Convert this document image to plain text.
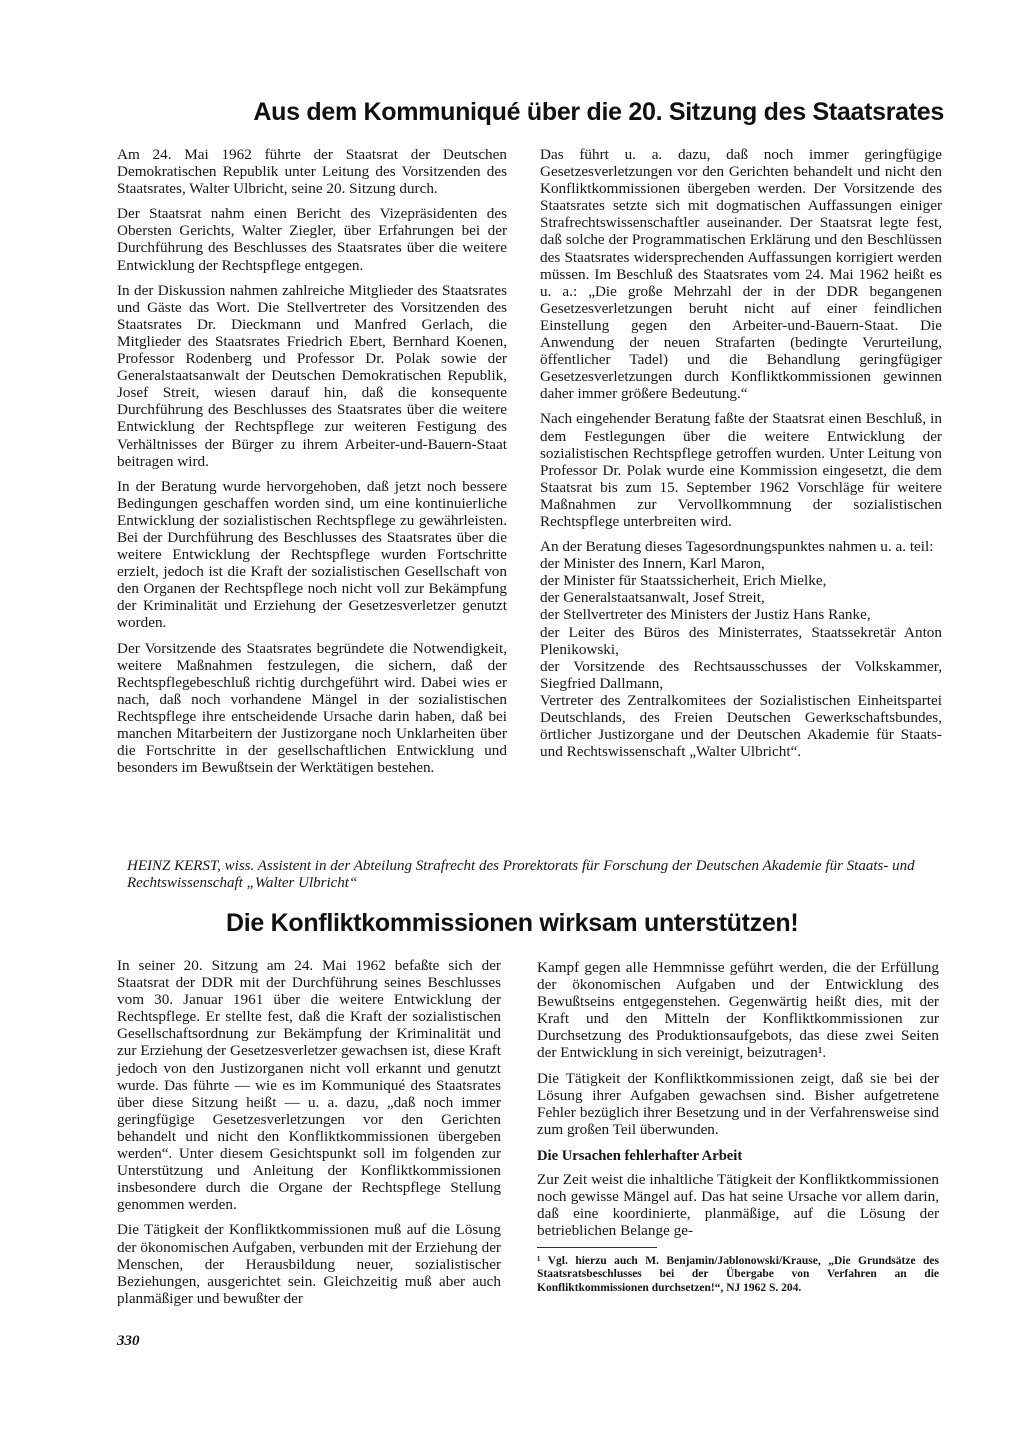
Aus dem Kommuniqué über die 20. Sitzung des Staatsrates

Am 24. Mai 1962 führte der Staatsrat der Deutschen Demokratischen Republik unter Leitung des Vorsitzenden des Staatsrates, Walter Ulbricht, seine 20. Sitzung durch.

Der Staatsrat nahm einen Bericht des Vizepräsidenten des Obersten Gerichts, Walter Ziegler, über Erfahrungen bei der Durchführung des Beschlusses des Staatsrates über die weitere Entwicklung der Rechtspflege entgegen.

In der Diskussion nahmen zahlreiche Mitglieder des Staatsrates und Gäste das Wort. Die Stellvertreter des Vorsitzenden des Staatsrates Dr. Dieckmann und Manfred Gerlach, die Mitglieder des Staatsrates Friedrich Ebert, Bernhard Koenen, Professor Rodenberg und Professor Dr. Polak sowie der Generalstaatsanwalt der Deutschen Demokratischen Republik, Josef Streit, wiesen darauf hin, daß die konsequente Durchführung des Beschlusses des Staatsrates über die weitere Entwicklung der Rechtspflege zur weiteren Festigung des Verhältnisses der Bürger zu ihrem Arbeiter-und-Bauern-Staat beitragen wird.

In der Beratung wurde hervorgehoben, daß jetzt noch bessere Bedingungen geschaffen worden sind, um eine kontinuierliche Entwicklung der sozialistischen Rechtspflege zu gewährleisten. Bei der Durchführung des Beschlusses des Staatsrates über die weitere Entwicklung der Rechtspflege wurden Fortschritte erzielt, jedoch ist die Kraft der sozialistischen Gesellschaft von den Organen der Rechtspflege noch nicht voll zur Bekämpfung der Kriminalität und Erziehung der Gesetzesverletzer genutzt worden.

Der Vorsitzende des Staatsrates begründete die Notwendigkeit, weitere Maßnahmen festzulegen, die sichern, daß der Rechtspflegebeschluß richtig durchgeführt wird. Dabei wies er nach, daß noch vorhandene Mängel in der sozialistischen Rechtspflege ihre entscheidende Ursache darin haben, daß bei manchen Mitarbeitern der Justizorgane noch Unklarheiten über die Fortschritte in der gesellschaftlichen Entwicklung und besonders im Bewußtsein der Werktätigen bestehen.

Das führt u. a. dazu, daß noch immer geringfügige Gesetzesverletzungen vor den Gerichten behandelt und nicht den Konfliktkommissionen übergeben werden. Der Vorsitzende des Staatsrates setzte sich mit dogmatischen Auffassungen einiger Strafrechtswissenschaftler auseinander. Der Staatsrat legte fest, daß solche der Programmatischen Erklärung und den Beschlüssen des Staatsrates widersprechenden Auffassungen korrigiert werden müssen. Im Beschluß des Staatsrates vom 24. Mai 1962 heißt es u. a.: „Die große Mehrzahl der in der DDR begangenen Gesetzesverletzungen beruht nicht auf einer feindlichen Einstellung gegen den Arbeiter-und-Bauern-Staat. Die Anwendung der neuen Strafarten (bedingte Verurteilung, öffentlicher Tadel) und die Behandlung geringfügiger Gesetzesverletzungen durch Konfliktkommissionen gewinnen daher immer größere Bedeutung.“

Nach eingehender Beratung faßte der Staatsrat einen Beschluß, in dem Festlegungen über die weitere Entwicklung der sozialistischen Rechtspflege getroffen wurden. Unter Leitung von Professor Dr. Polak wurde eine Kommission eingesetzt, die dem Staatsrat bis zum 15. September 1962 Vorschläge für weitere Maßnahmen zur Vervollkommnung der sozialistischen Rechtspflege unterbreiten wird.

An der Beratung dieses Tagesordnungspunktes nahmen u. a. teil:

der Minister des Innern, Karl Maron,

der Minister für Staatssicherheit, Erich Mielke,

der Generalstaatsanwalt, Josef Streit,

der Stellvertreter des Ministers der Justiz Hans Ranke,

der Leiter des Büros des Ministerrates, Staatssekretär Anton Plenikowski,

der Vorsitzende des Rechtsausschusses der Volkskammer, Siegfried Dallmann,

Vertreter des Zentralkomitees der Sozialistischen Einheitspartei Deutschlands, des Freien Deutschen Gewerkschaftsbundes, örtlicher Justizorgane und der Deutschen Akademie für Staats- und Rechtswissenschaft „Walter Ulbricht“.

HEINZ KERST, wiss. Assistent in der Abteilung Strafrecht des Prorektorats für Forschung der Deutschen Akademie für Staats- und Rechtswissenschaft „Walter Ulbricht“
Die Konfliktkommissionen wirksam unterstützen!

In seiner 20. Sitzung am 24. Mai 1962 befaßte sich der Staatsrat der DDR mit der Durchführung seines Beschlusses vom 30. Januar 1961 über die weitere Entwicklung der Rechtspflege. Er stellte fest, daß die Kraft der sozialistischen Gesellschaftsordnung zur Bekämpfung der Kriminalität und zur Erziehung der Gesetzesverletzer gewachsen ist, diese Kraft jedoch von den Justizorganen nicht voll erkannt und genutzt wurde. Das führte — wie es im Kommuniqué des Staatsrates über diese Sitzung heißt — u. a. dazu, „daß noch immer geringfügige Gesetzesverletzungen vor den Gerichten behandelt und nicht den Konfliktkommissionen übergeben werden“. Unter diesem Gesichtspunkt soll im folgenden zur Unterstützung und Anleitung der Konfliktkommissionen insbesondere durch die Organe der Rechtspflege Stellung genommen werden.

Die Tätigkeit der Konfliktkommissionen muß auf die Lösung der ökonomischen Aufgaben, verbunden mit der Erziehung der Menschen, der Herausbildung neuer, sozialistischer Beziehungen, ausgerichtet sein. Gleichzeitig muß aber auch planmäßiger und bewußter der

Kampf gegen alle Hemmnisse geführt werden, die der Erfüllung der ökonomischen Aufgaben und der Entwicklung des Bewußtseins entgegenstehen. Gegenwärtig heißt dies, mit der Kraft und den Mitteln der Konfliktkommissionen zur Durchsetzung des Produktionsaufgebots, das diese zwei Seiten der Entwicklung in sich vereinigt, beizutragen¹.

Die Tätigkeit der Konfliktkommissionen zeigt, daß sie bei der Lösung ihrer Aufgaben gewachsen sind. Bisher aufgetretene Fehler bezüglich ihrer Besetzung und in der Verfahrensweise sind zum großen Teil überwunden.

Die Ursachen fehlerhafter Arbeit

Zur Zeit weist die inhaltliche Tätigkeit der Konfliktkommissionen noch gewisse Mängel auf. Das hat seine Ursache vor allem darin, daß eine koordinierte, planmäßige, auf die Lösung der betrieblichen Belange ge-

¹ Vgl. hierzu auch M. Benjamin/Jablonowski/Krause, „Die Grundsätze des Staatsratsbeschlusses bei der Übergabe von Verfahren an die Konfliktkommissionen durchsetzen!“, NJ 1962 S. 204.
330
